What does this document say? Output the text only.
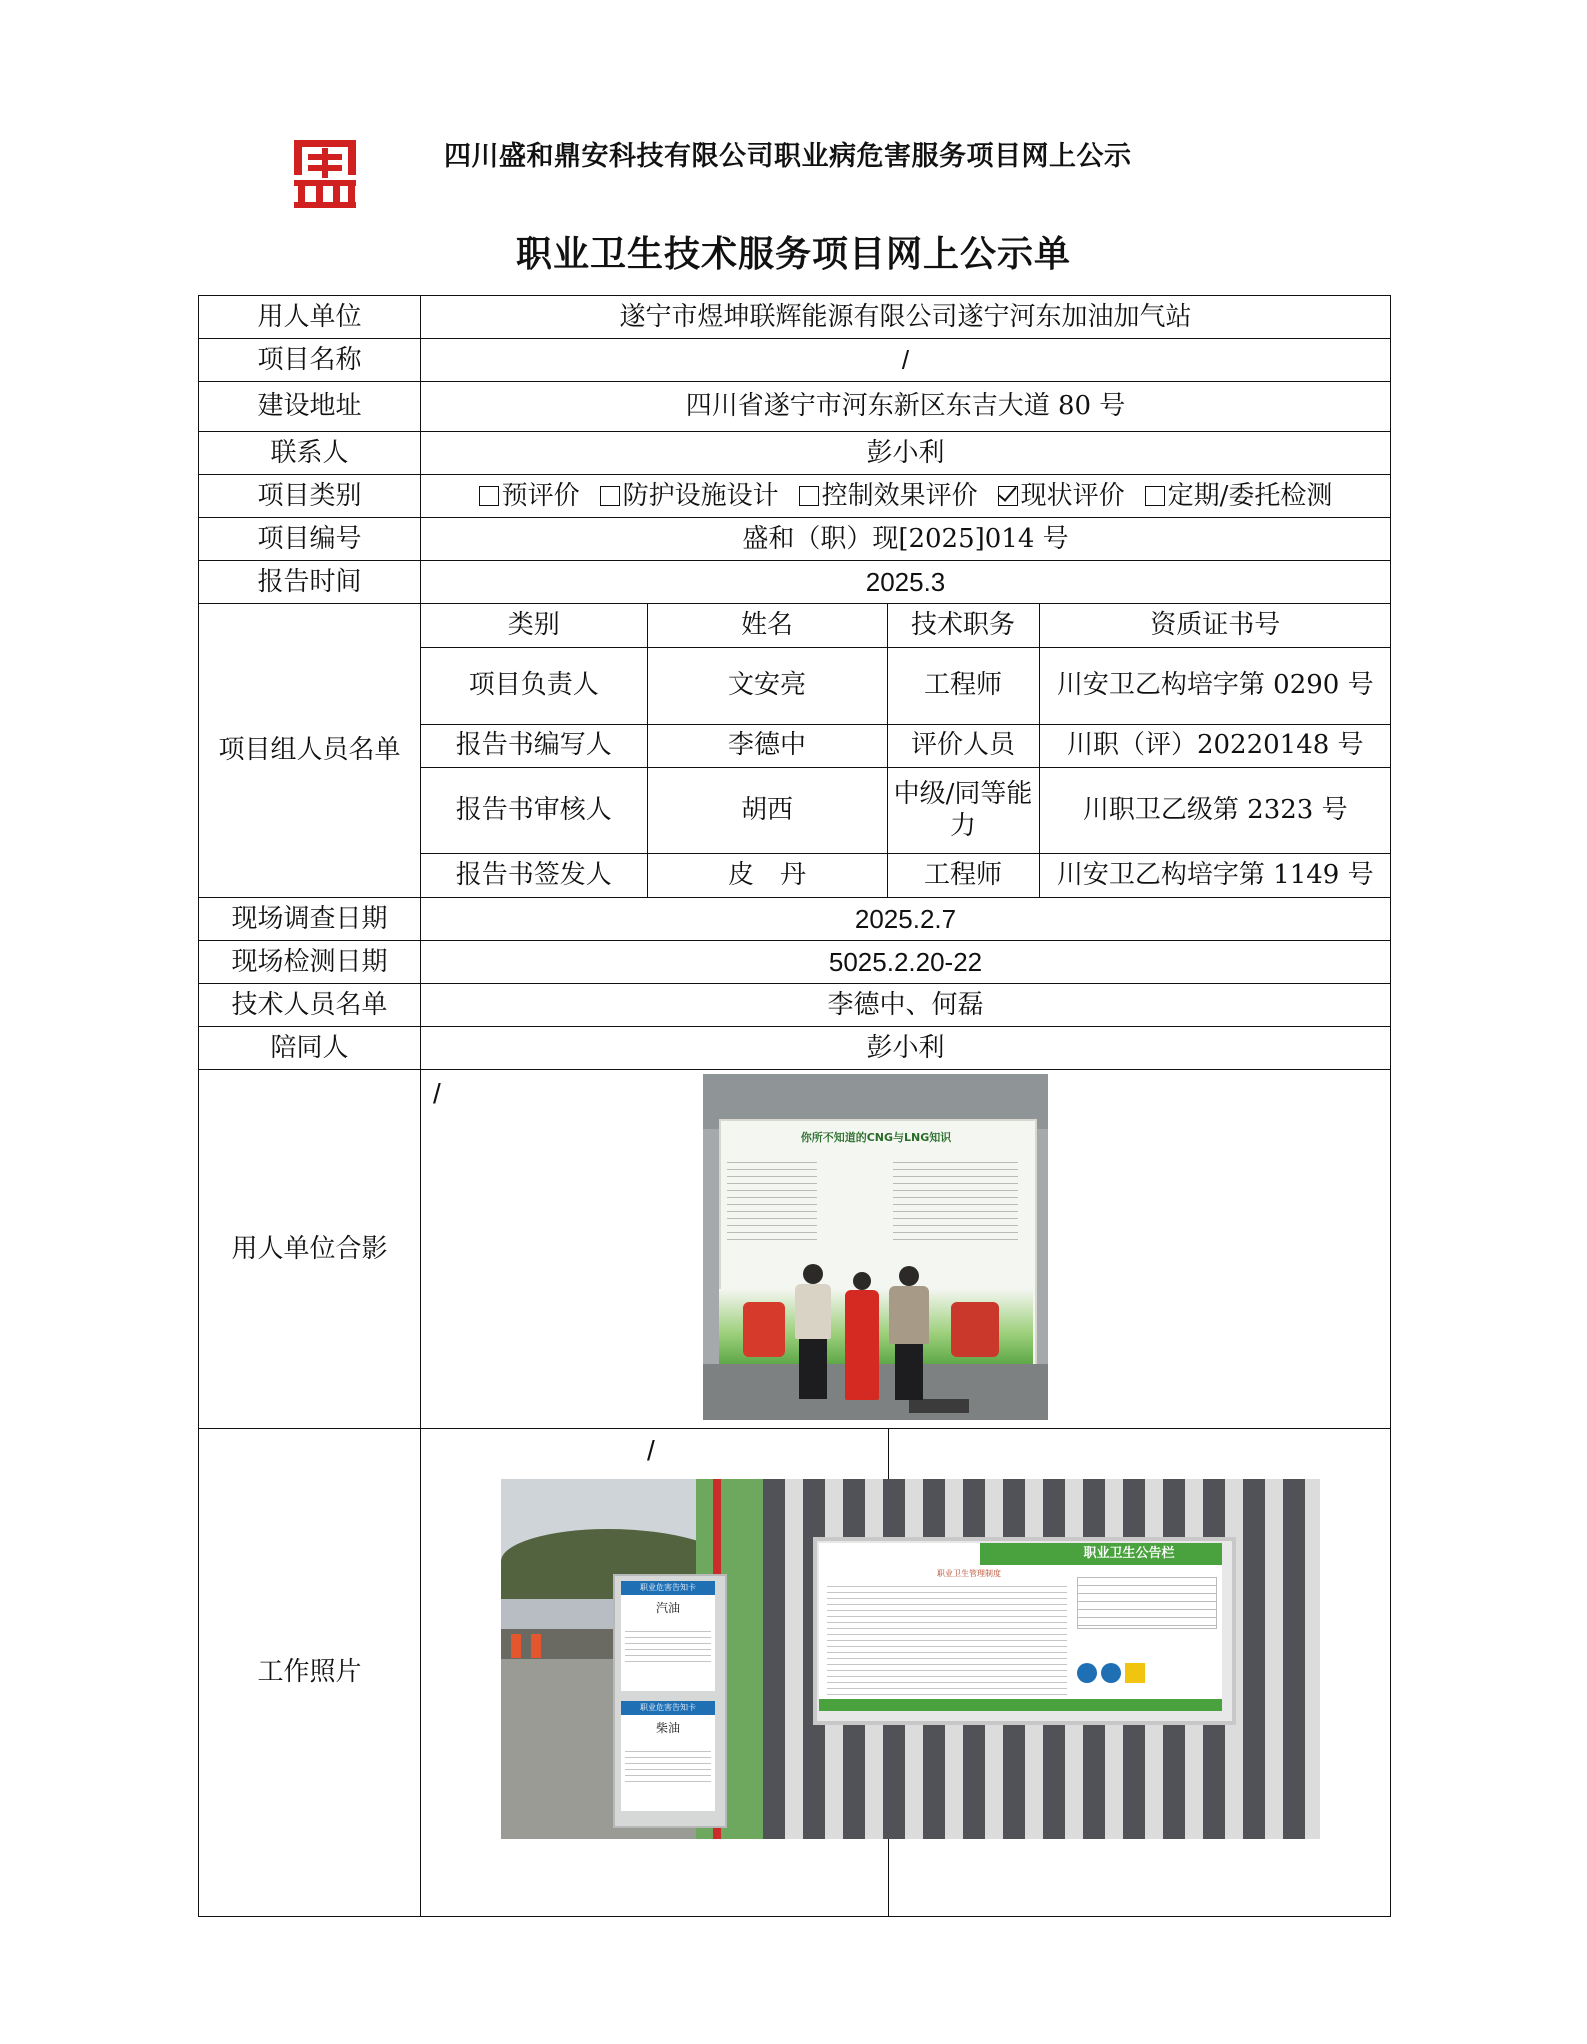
四川盛和鼎安科技有限公司职业病危害服务项目网上公示
职业卫生技术服务项目网上公示单
用人单位	遂宁市煜坤联辉能源有限公司遂宁河东加油加气站
项目名称	/
建设地址	四川省遂宁市河东新区东吉大道 80 号
联系人	彭小利
项目类别	预评价 防护设施设计 控制效果评价 现状评价 定期/委托检测
项目编号	盛和（职）现[2025]014 号
报告时间	2025.3
项目组人员名单	
类别	姓名	技术职务	资质证书号
项目负责人	文安亮	工程师	川安卫乙构培字第 0290 号
报告书编写人	李德中	评价人员	川职（评）20220148 号
报告书审核人	胡西	中级/同等能力	川职卫乙级第 2323 号
报告书签发人	皮　丹	工程师	川安卫乙构培字第 1149 号

现场调查日期	2025.2.7
现场检测日期	5025.2.20-22
技术人员名单	李德中、何磊
陪同人	彭小利
用人单位合影	
/
你所不知道的CNG与LNG知识

工作照片	
/
职业危害告知卡
汽油
职业危害告知卡
柴油
职业卫生公告栏
职业卫生管理制度
